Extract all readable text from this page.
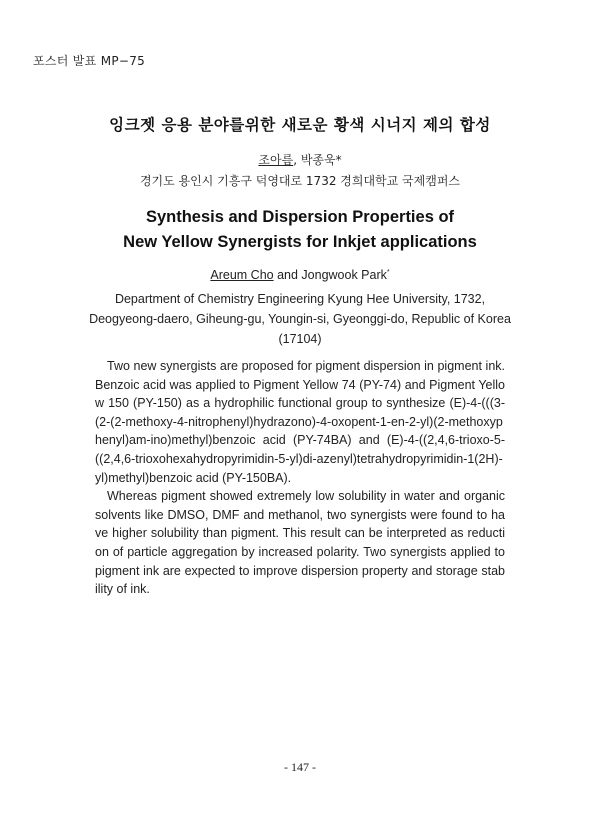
포스터 발표 MP−75
잉크젯 응용 분야를위한 새로운 황색 시너지 제의 합성
조아름, 박종욱*
경기도 용인시 기흥구 덕영대로 1732 경희대학교 국제캠퍼스
Synthesis and Dispersion Properties of
New Yellow Synergists for Inkjet applications
Areum Cho and Jongwook Park*
Department of Chemistry Engineering Kyung Hee University, 1732,
Deogyeong-daero, Giheung-gu, Youngin-si, Gyeonggi-do, Republic of Korea
(17104)

Two new synergists are proposed for pigment dispersion in pigment ink. Benzoic acid was applied to Pigment Yellow 74 (PY-74) and Pigment Yellow 150 (PY-150) as a hydrophilic functional group to synthesize (E)-4-(((3-(2-(2-methoxy-4-nitrophenyl)hydrazono)-4-oxopent-1-en-2-yl)(2-methoxyphenyl)am-ino)methyl)benzoic acid (PY-74BA) and (E)-4-((2,4,6-trioxo-5-((2,4,6-trioxohexahydropyrimidin-5-yl)di-azenyl)tetrahydropyrimidin-1(2H)-yl)methyl)benzoic acid (PY-150BA).

Whereas pigment showed extremely low solubility in water and organic solvents like DMSO, DMF and methanol, two synergists were found to have higher solubility than pigment. This result can be interpreted as reduction of particle aggregation by increased polarity. Two synergists applied to pigment ink are expected to improve dispersion property and storage stability of ink.

- 147 -
